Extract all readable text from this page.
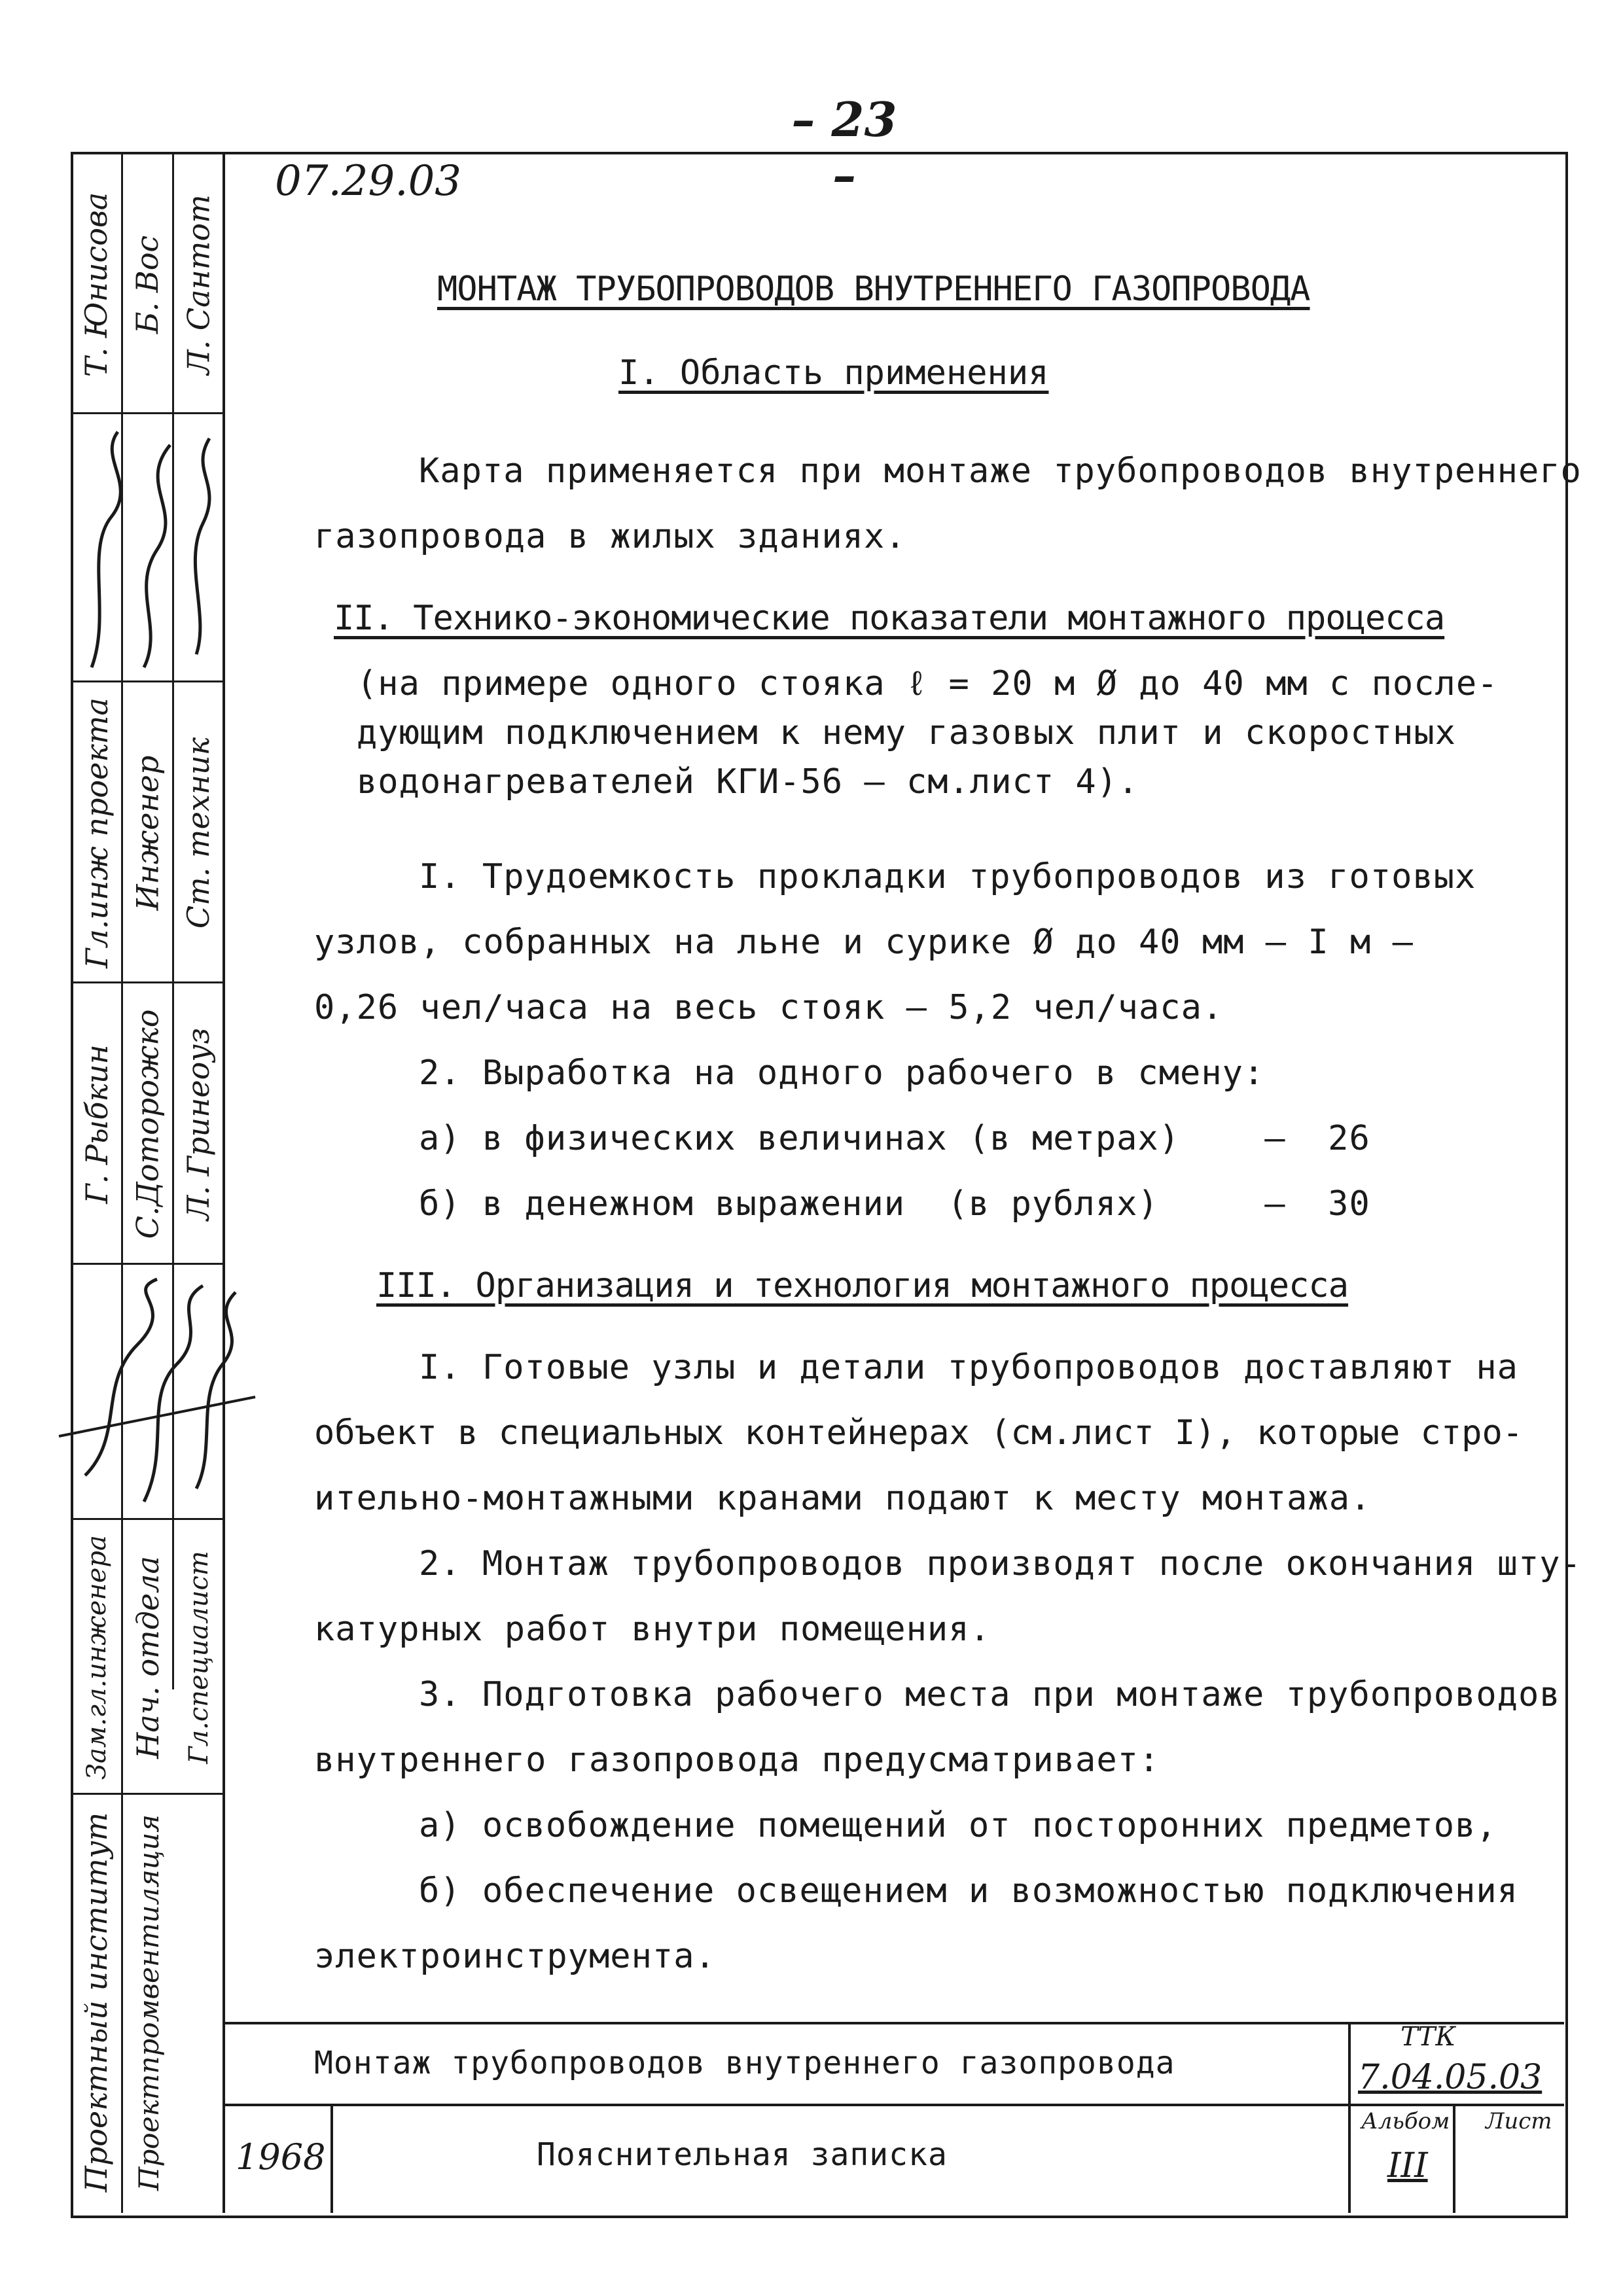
– 23 –
Б. Вос Л. Сантот
Т. Юнисова
Гл.инж проекта Инженер Ст. техник
Г. Рыбкин С.Доторожко Л. Гринеоуз
Зам.гл.инженера Нач. отдела Гл.специалист
Проектный институт Проектпромвентиляция
07.29.03
МОНТАЖ ТРУБОПРОВОДОВ ВНУТРЕННЕГО ГАЗОПРОВОДА
I. Область применения
Карта применяется при монтаже трубопроводов внутреннего
газопровода в жилых зданиях.
II. Технико-экономические показатели монтажного процесса
(на примере одного стояка ℓ = 20 м Ø до 40 мм с после-
дующим подключением к нему газовых плит и скоростных
водонагревателей КГИ-56 – см.лист 4).
I. Трудоемкость прокладки трубопроводов из готовых
узлов, собранных на льне и сурике Ø до 40 мм – I м –
0,26 чел/часа на весь стояк – 5,2 чел/часа.
2. Выработка на одного рабочего в смену:
а) в физических величинах (в метрах)    –  26
б) в денежном выражении  (в рублях)     –  30
III. Организация и технология монтажного процесса
I. Готовые узлы и детали трубопроводов доставляют на
объект в специальных контейнерах (см.лист I), которые стро-
ительно-монтажными кранами подают к месту монтажа.
2. Монтаж трубопроводов производят после окончания шту-
катурных работ внутри помещения.
3. Подготовка рабочего места при монтаже трубопроводов
внутреннего газопровода предусматривает:
а) освобождение помещений от посторонних предметов,
б) обеспечение освещением и возможностью подключения
электроинструмента.
Монтаж трубопроводов внутреннего газопровода
1968	Пояснительная записка
ТТК
7.04.05.03
Альбом
III
Лист
